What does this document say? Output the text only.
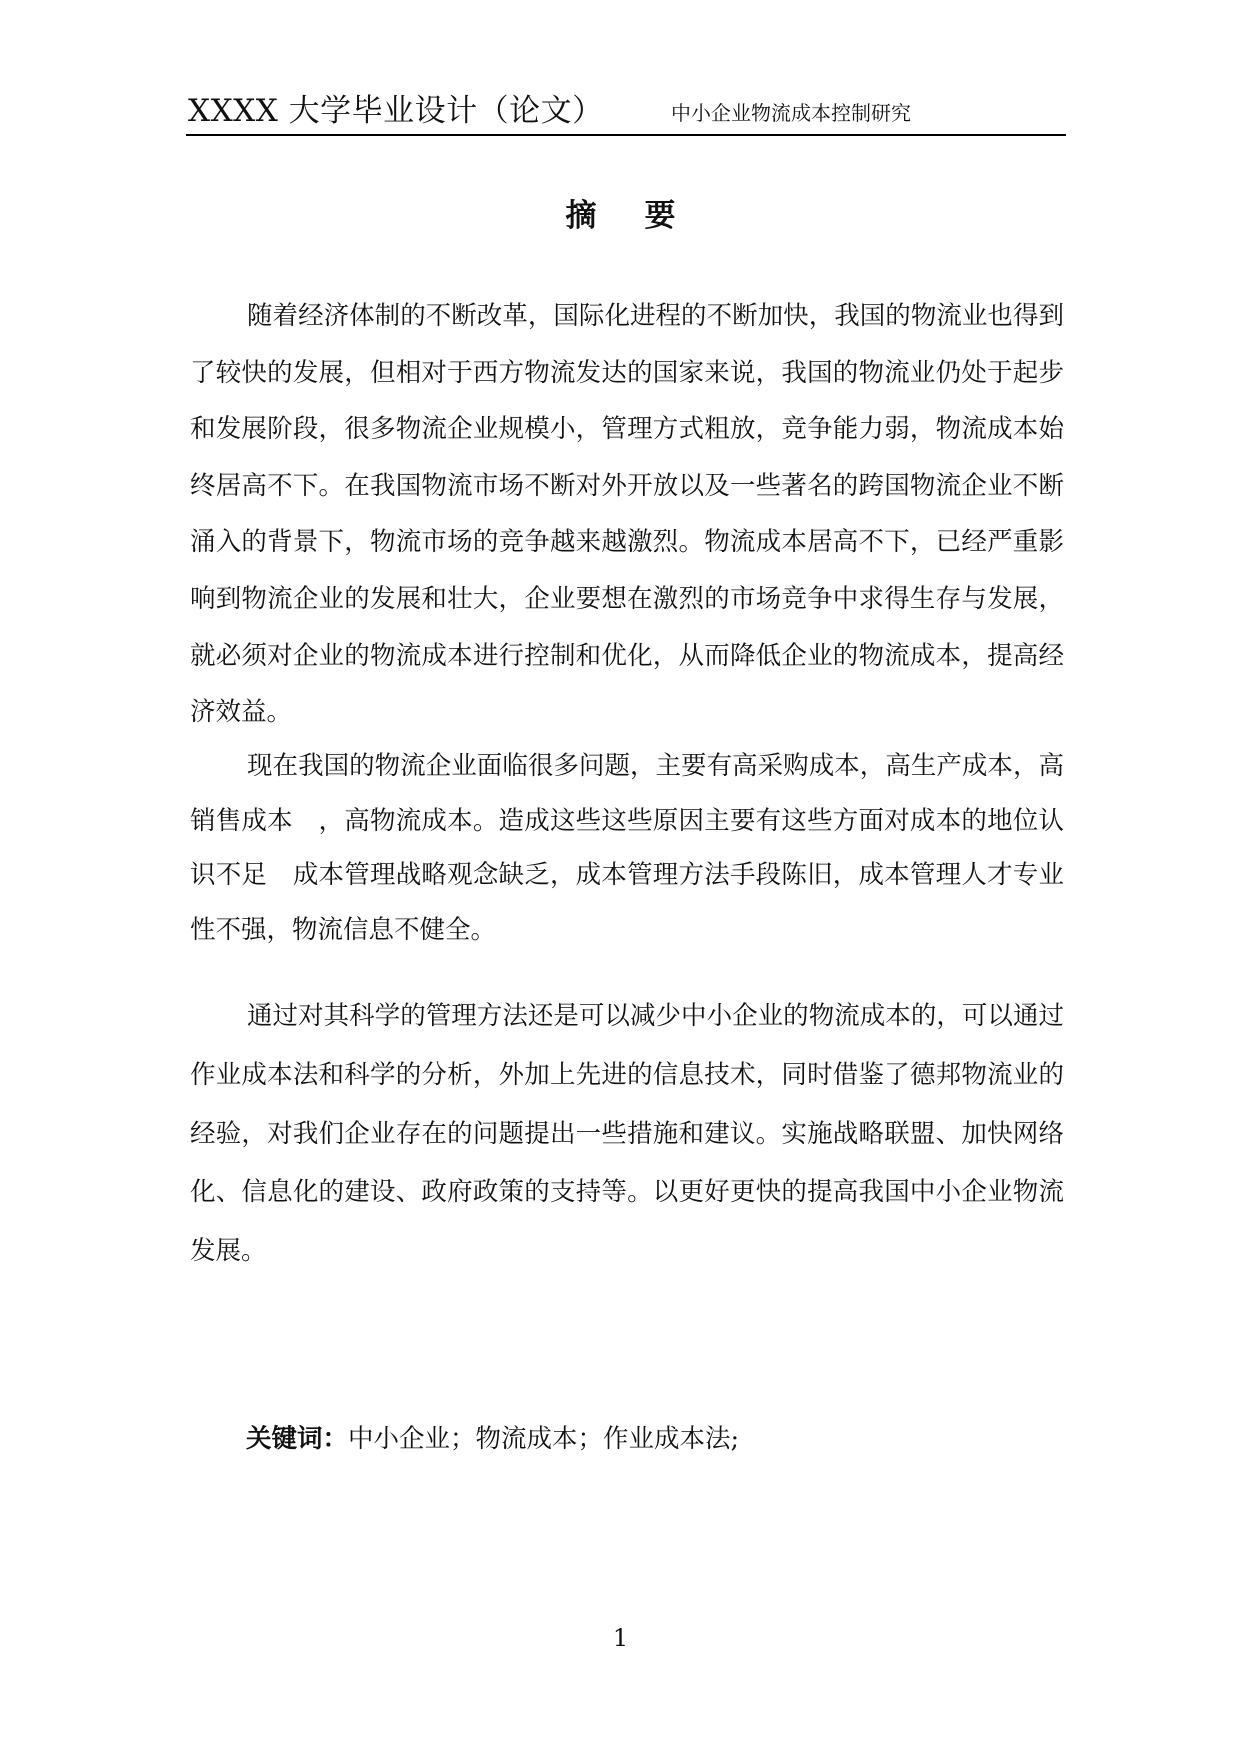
XXXX 大学毕业设计（论文）	中小企业物流成本控制研究
摘要

随着经济体制的不断改革，国际化进程的不断加快，我国的物流业也得到了较快的发展，但相对于西方物流发达的国家来说，我国的物流业仍处于起步和发展阶段，很多物流企业规模小，管理方式粗放，竞争能力弱，物流成本始终居高不下。在我国物流市场不断对外开放以及一些著名的跨国物流企业不断涌入的背景下，物流市场的竞争越来越激烈。物流成本居高不下，已经严重影响到物流企业的发展和壮大，企业要想在激烈的市场竞争中求得生存与发展，就必须对企业的物流成本进行控制和优化，从而降低企业的物流成本，提高经济效益。

现在我国的物流企业面临很多问题，主要有高采购成本，高生产成本，高销售成本　，高物流成本。造成这些这些原因主要有这些方面对成本的地位认识不足　成本管理战略观念缺乏，成本管理方法手段陈旧，成本管理人才专业性不强，物流信息不健全。

通过对其科学的管理方法还是可以减少中小企业的物流成本的，可以通过作业成本法和科学的分析，外加上先进的信息技术，同时借鉴了德邦物流业的经验，对我们企业存在的问题提出一些措施和建议。实施战略联盟、加快网络化、信息化的建设、政府政策的支持等。以更好更快的提高我国中小企业物流发展。

关键词：中小企业；物流成本；作业成本法;
1
